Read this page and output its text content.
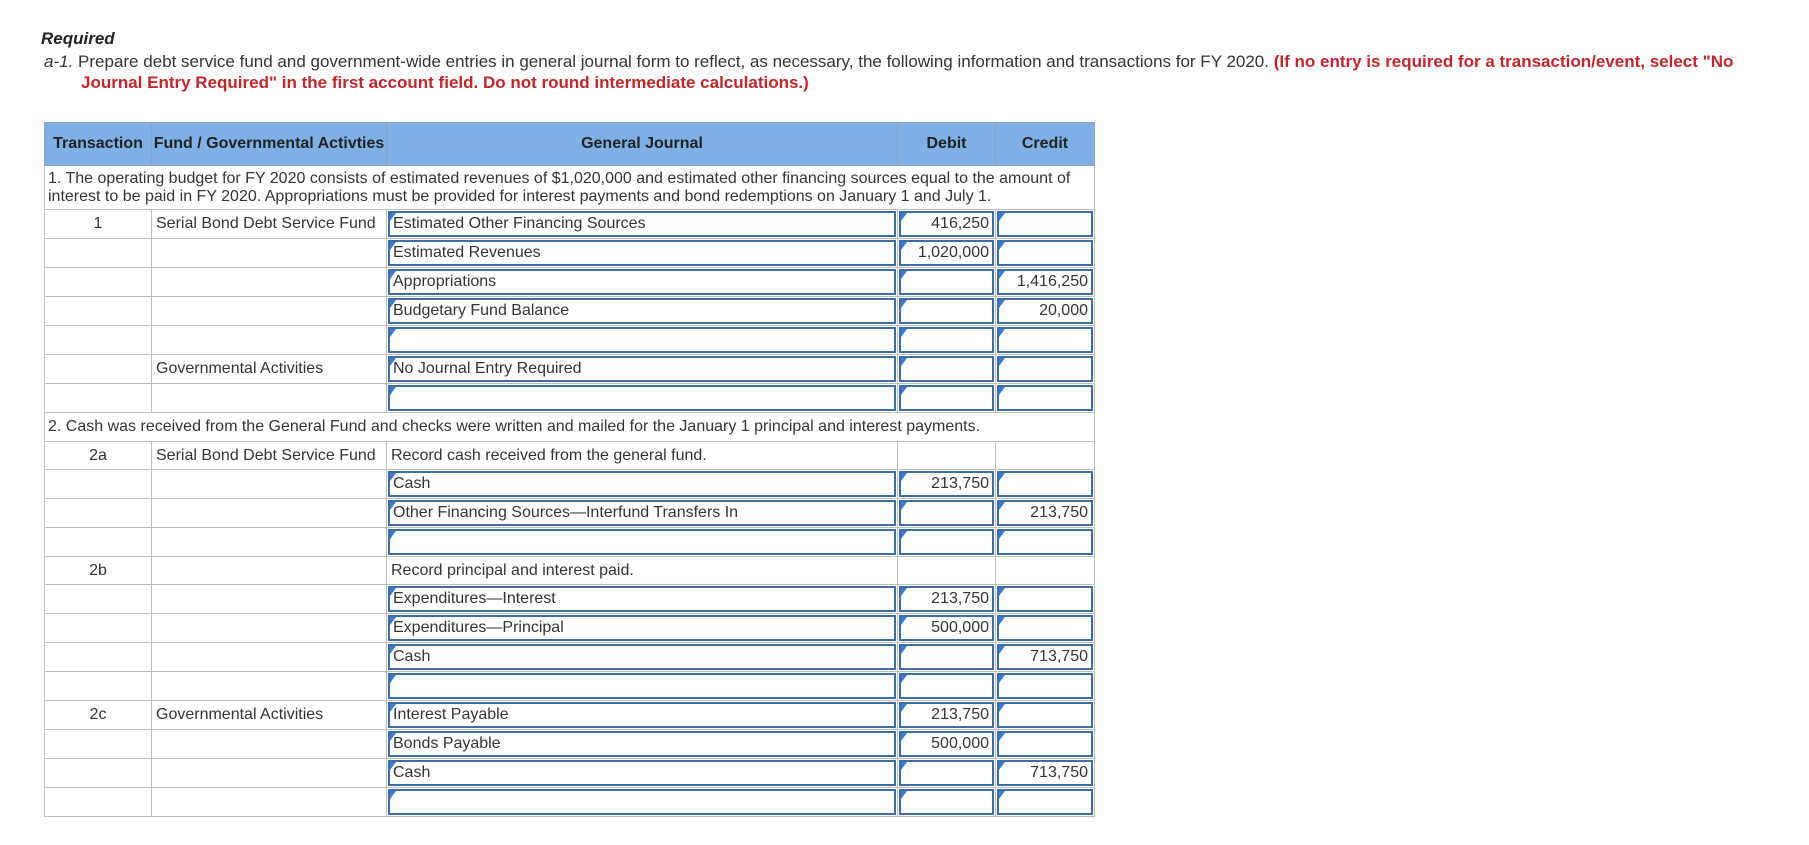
Required
a-1. Prepare debt service fund and government-wide entries in general journal form to reflect, as necessary, the following information and transactions for FY 2020. (If no entry is required for a transaction/event, select "No
Journal Entry Required" in the first account field. Do not round intermediate calculations.)
Transaction	Fund / Governmental Activties	General Journal	Debit	Credit
1. The operating budget for FY 2020 consists of estimated revenues of $1,020,000 and estimated other financing sources equal to the amount of interest to be paid in FY 2020. Appropriations must be provided for interest payments and bond redemptions on January 1 and July 1.				
1	Serial Bond Debt Service Fund	Estimated Other Financing Sources	416,250	

		Estimated Revenues	1,020,000	

		Appropriations		1,416,250

		Budgetary Fund Balance		20,000

	Governmental Activities	No Journal Entry Required		

2. Cash was received from the General Fund and checks were written and mailed for the January 1 principal and interest payments.				
2a	Serial Bond Debt Service Fund	Record cash received from the general fund.		

		Cash	213,750	

		Other Financing Sources—Interfund Transfers In		213,750

2b		Record principal and interest paid.		

		Expenditures—Interest	213,750	

		Expenditures—Principal	500,000	

		Cash		713,750

2c	Governmental Activities	Interest Payable	213,750	

		Bonds Payable	500,000	

		Cash		713,750
